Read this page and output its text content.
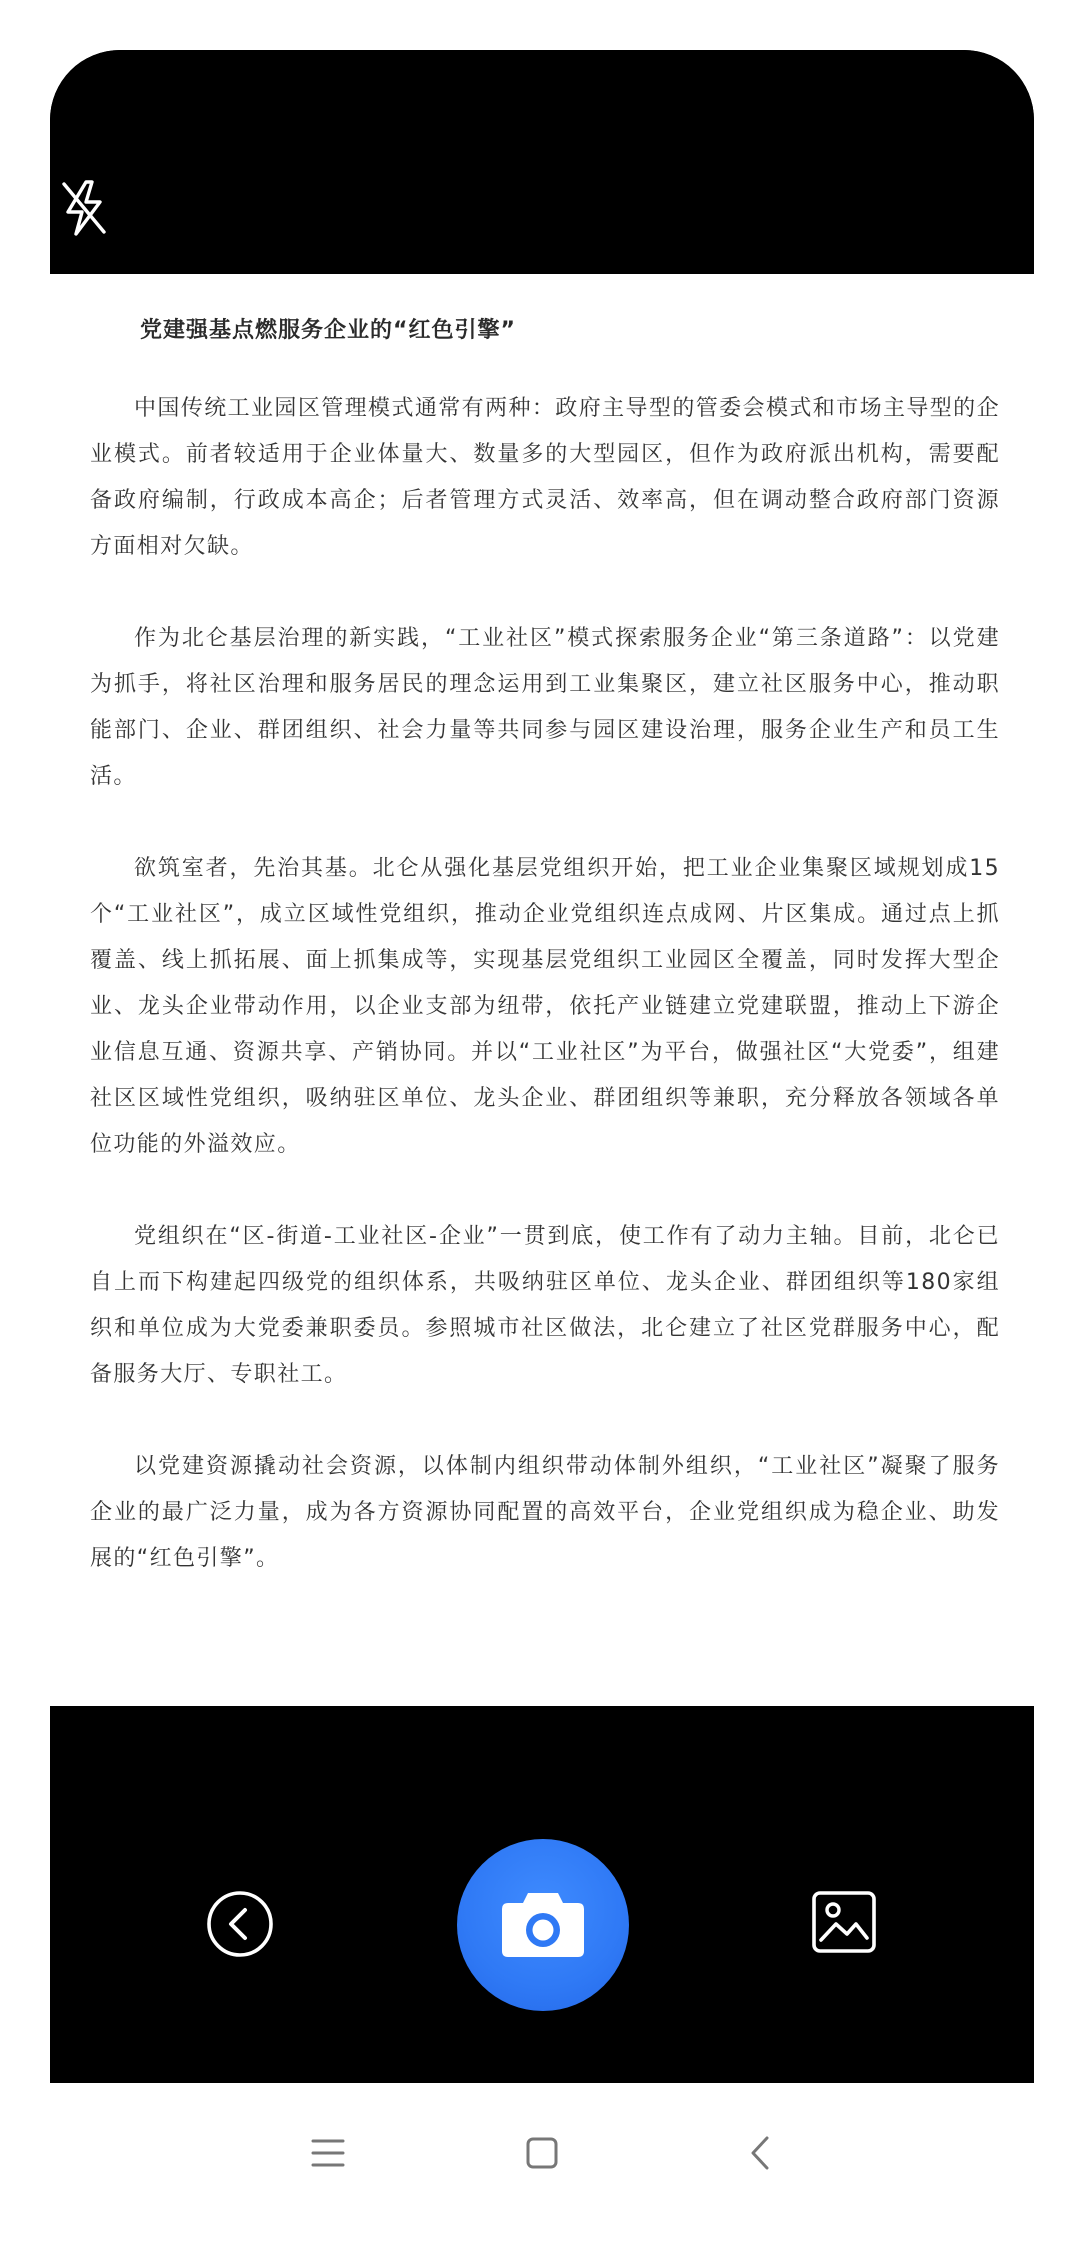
党建强基点燃服务企业的“红色引擎”

中国传统工业园区管理模式通常有两种：政府主导型的管委会模式和市场主导型的企业模式。前者较适用于企业体量大、数量多的大型园区，但作为政府派出机构，需要配备政府编制，行政成本高企；后者管理方式灵活、效率高，但在调动整合政府部门资源方面相对欠缺。

作为北仑基层治理的新实践，“工业社区”模式探索服务企业“第三条道路”：以党建为抓手，将社区治理和服务居民的理念运用到工业集聚区，建立社区服务中心，推动职能部门、企业、群团组织、社会力量等共同参与园区建设治理，服务企业生产和员工生活。

欲筑室者，先治其基。北仑从强化基层党组织开始，把工业企业集聚区域规划成15个“工业社区”，成立区域性党组织，推动企业党组织连点成网、片区集成。通过点上抓覆盖、线上抓拓展、面上抓集成等，实现基层党组织工业园区全覆盖，同时发挥大型企业、龙头企业带动作用，以企业支部为纽带，依托产业链建立党建联盟，推动上下游企业信息互通、资源共享、产销协同。并以“工业社区”为平台，做强社区“大党委”，组建社区区域性党组织，吸纳驻区单位、龙头企业、群团组织等兼职，充分释放各领域各单位功能的外溢效应。

党组织在“区-街道-工业社区-企业”一贯到底，使工作有了动力主轴。目前，北仑已自上而下构建起四级党的组织体系，共吸纳驻区单位、龙头企业、群团组织等180家组织和单位成为大党委兼职委员。参照城市社区做法，北仑建立了社区党群服务中心，配备服务大厅、专职社工。

以党建资源撬动社会资源，以体制内组织带动体制外组织，“工业社区”凝聚了服务企业的最广泛力量，成为各方资源协同配置的高效平台，企业党组织成为稳企业、助发展的“红色引擎”。
